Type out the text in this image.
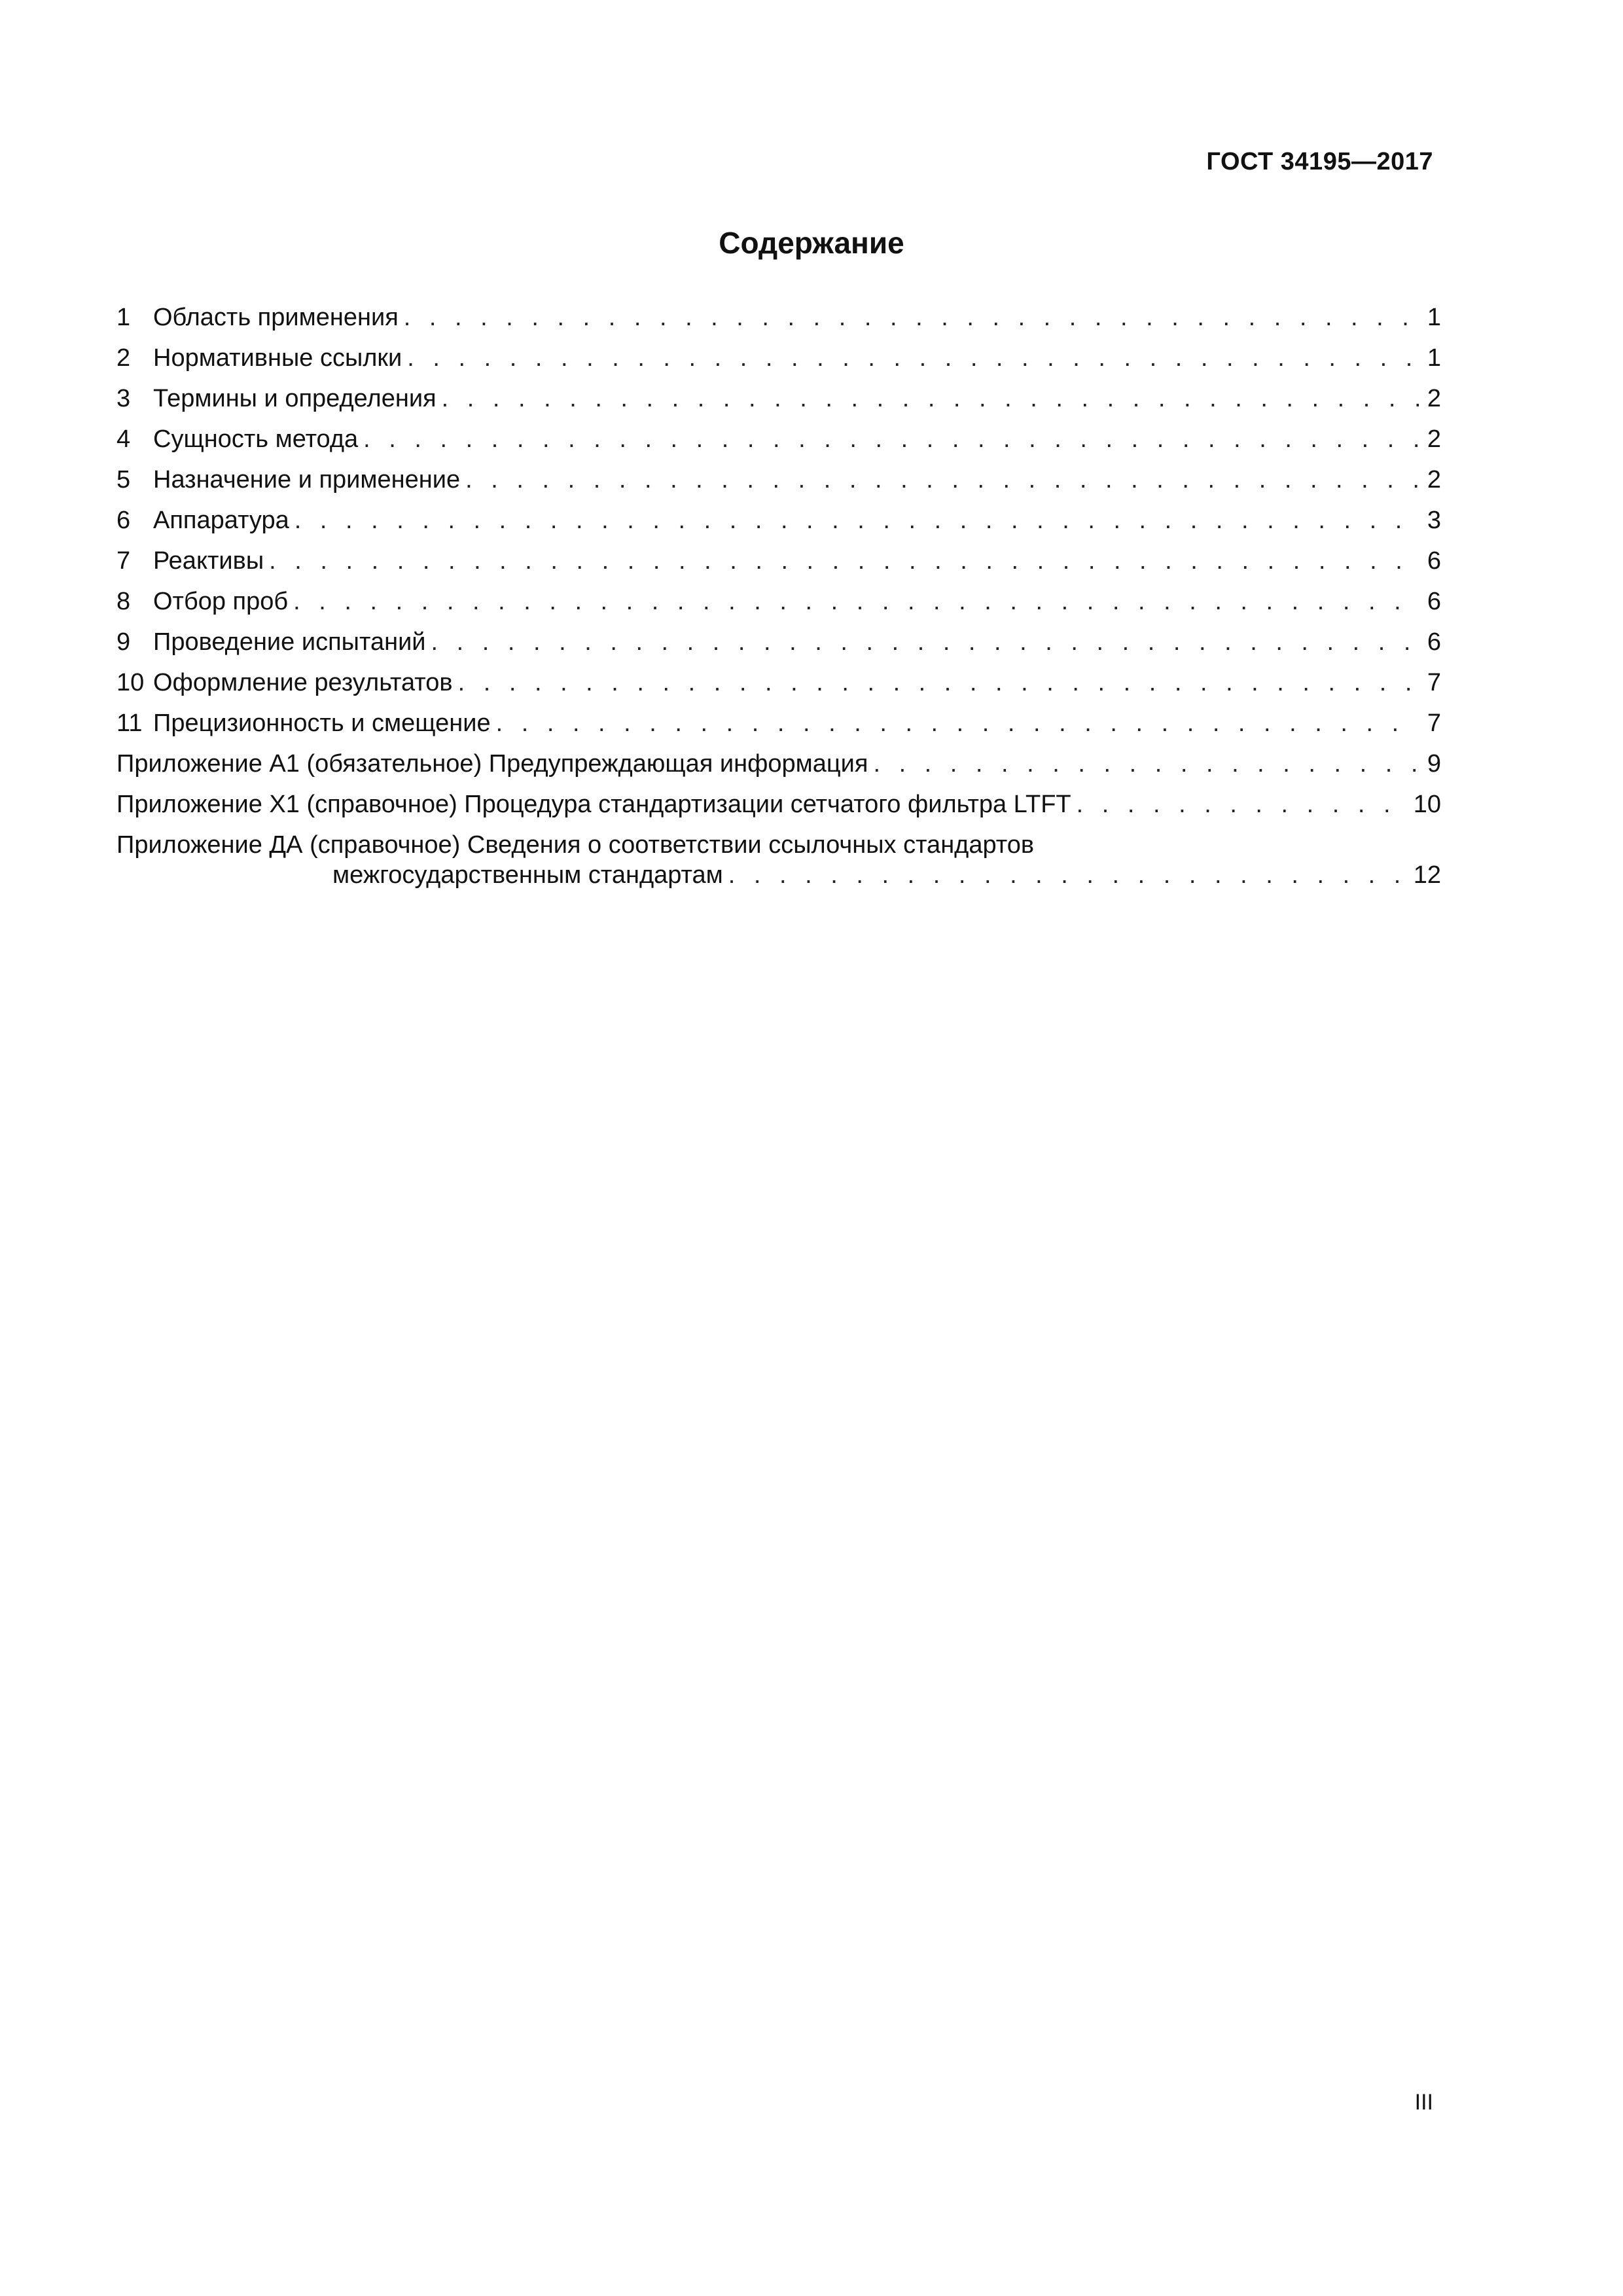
ГОСТ 34195—2017
Содержание
1 Область применения . . .	1
2 Нормативные ссылки . . .	1
3 Термины и определения . . .	2
4 Сущность метода . . .	2
5 Назначение и применение . . .	2
6 Аппаратура . . .	3
7 Реактивы . . .	6
8 Отбор проб . . .	6
9 Проведение испытаний . . .	6
10 Оформление результатов . . .	7
11 Прецизионность и смещение . . .	7
Приложение А1 (обязательное) Предупреждающая информация . . .	9
Приложение Х1 (справочное) Процедура стандартизации сетчатого фильтра LTFT . . .	10
Приложение ДА (справочное) Сведения о соответствии ссылочных стандартов
межгосударственным стандартам . . .	12
III
